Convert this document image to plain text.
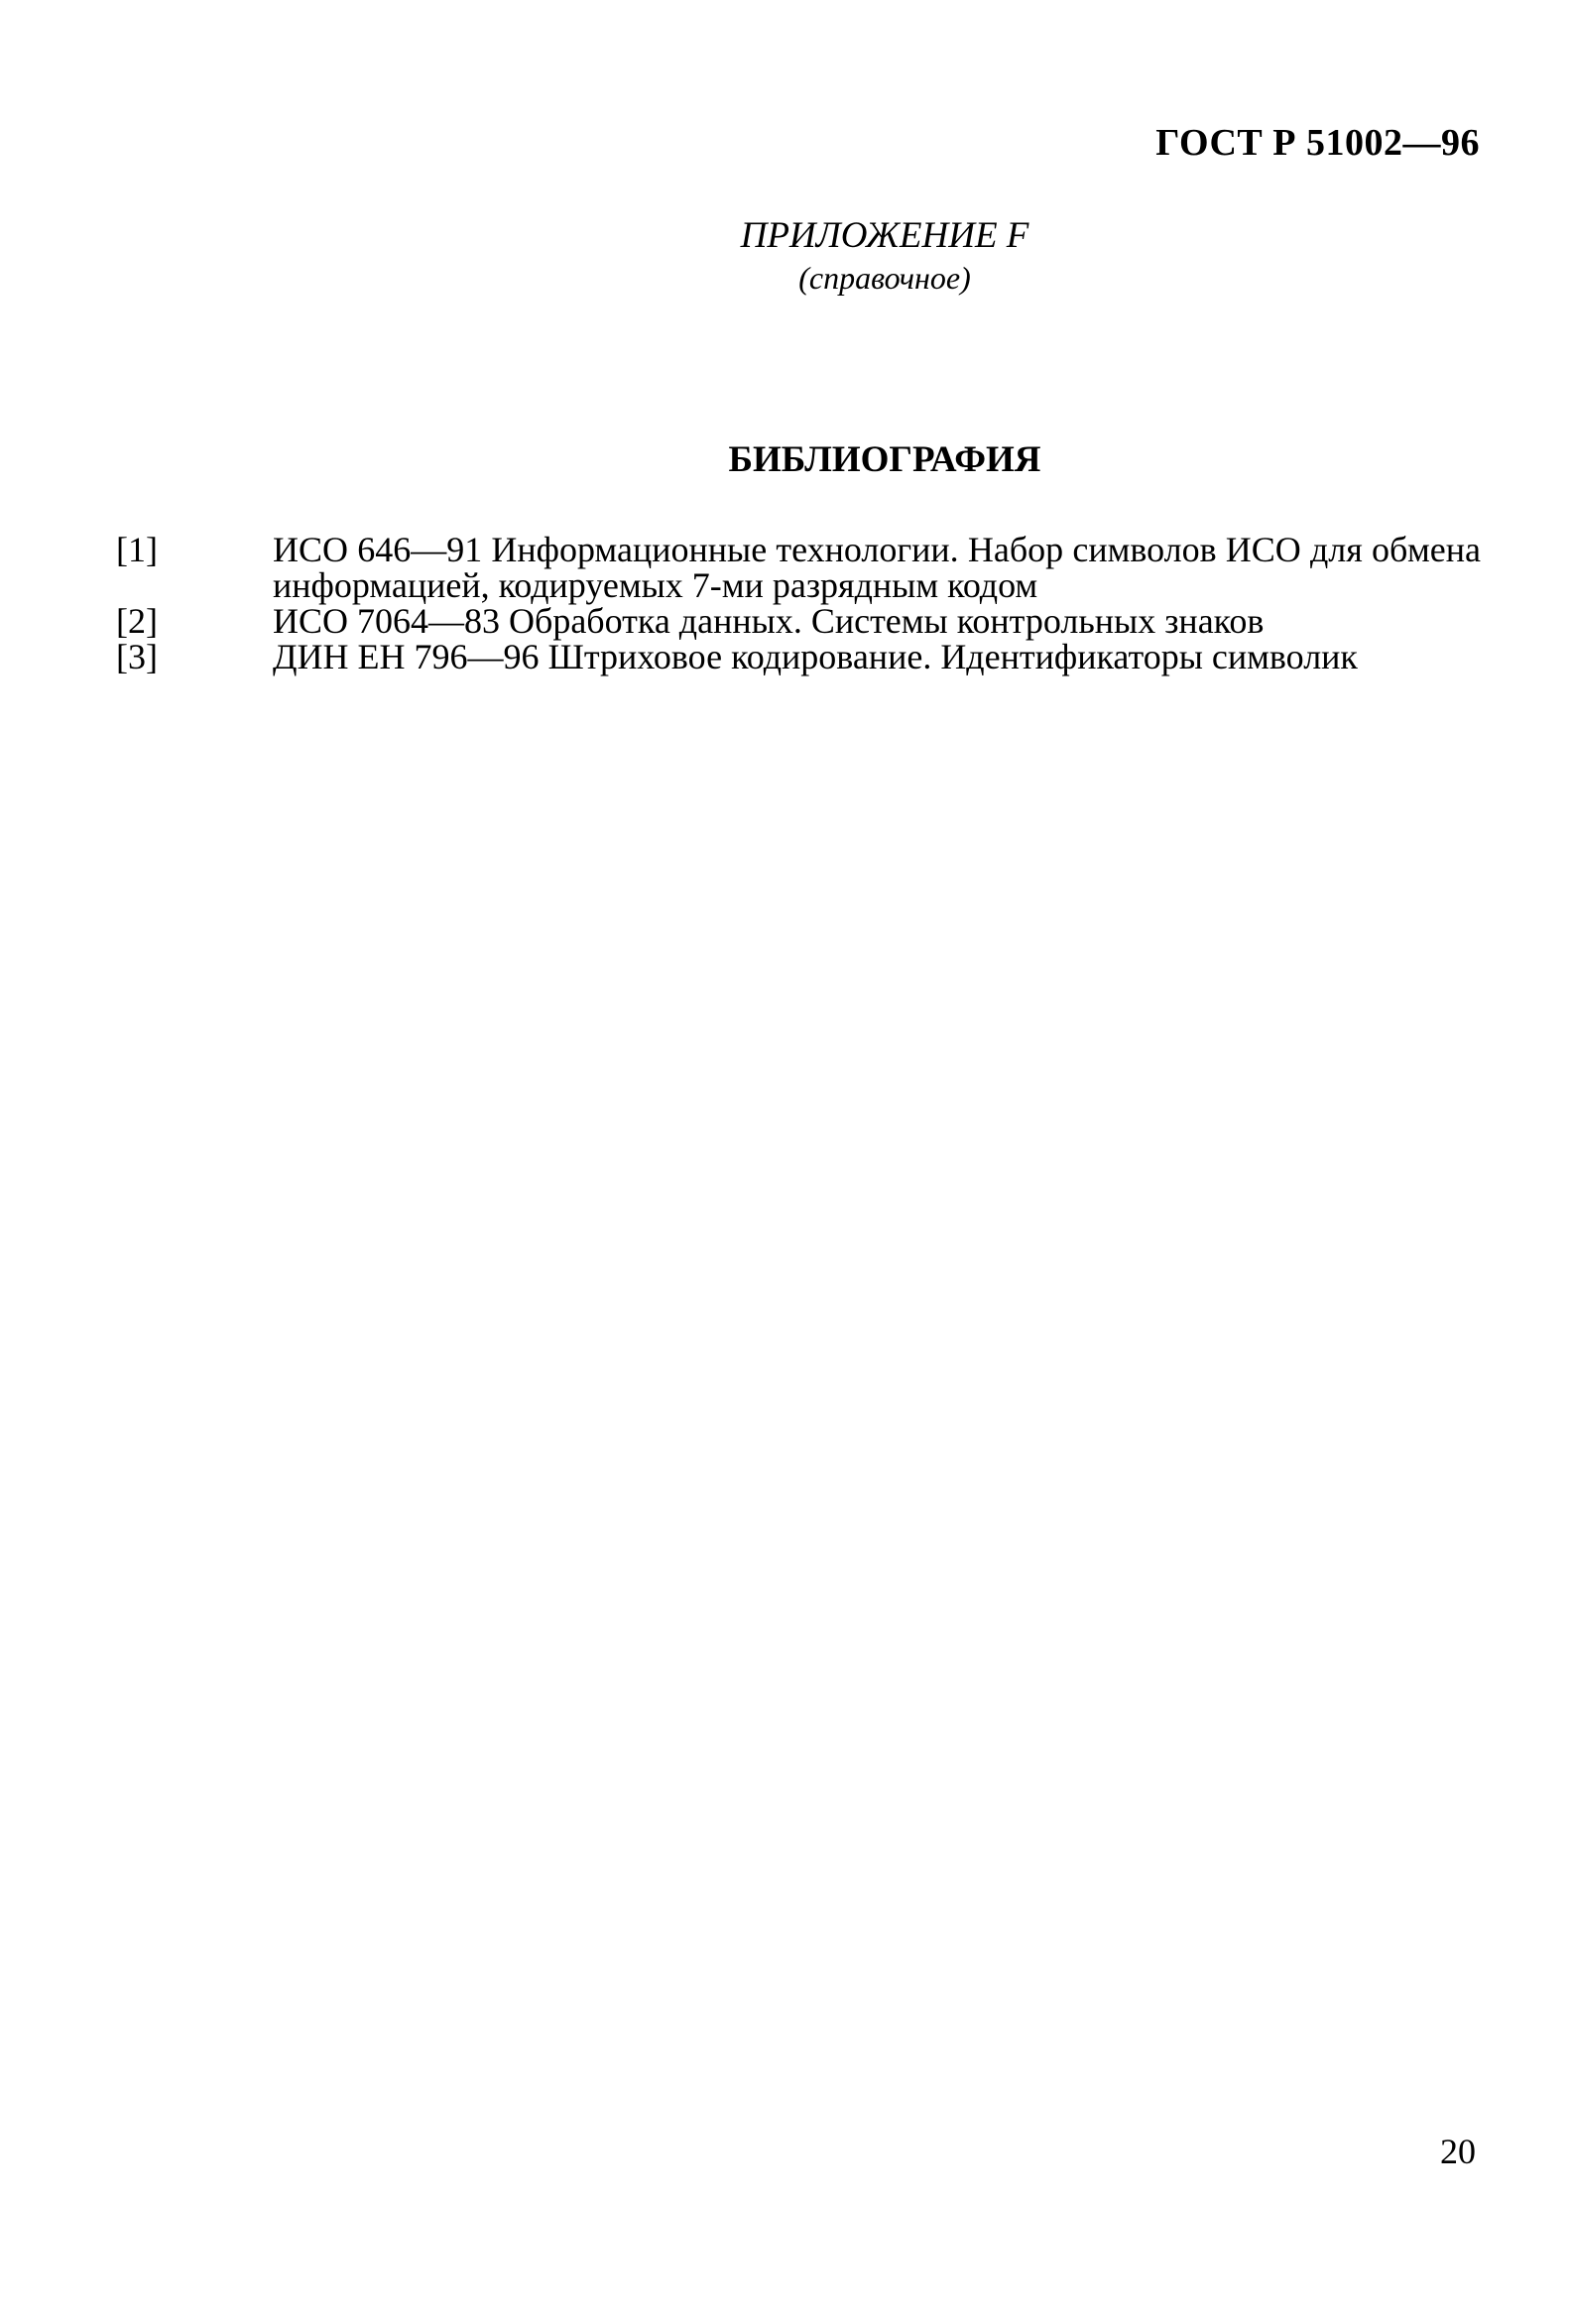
ГОСТ Р 51002—96
ПРИЛОЖЕНИЕ F
(справочное)
БИБЛИОГРАФИЯ
[1]	ИСО 646—91 Информационные технологии. Набор символов ИСО для обмена информацией, кодируемых 7-ми разрядным кодом
[2]	ИСО 7064—83 Обработка данных. Системы контрольных знаков
[3]	ДИН ЕН 796—96 Штриховое кодирование. Идентификаторы символик
20
